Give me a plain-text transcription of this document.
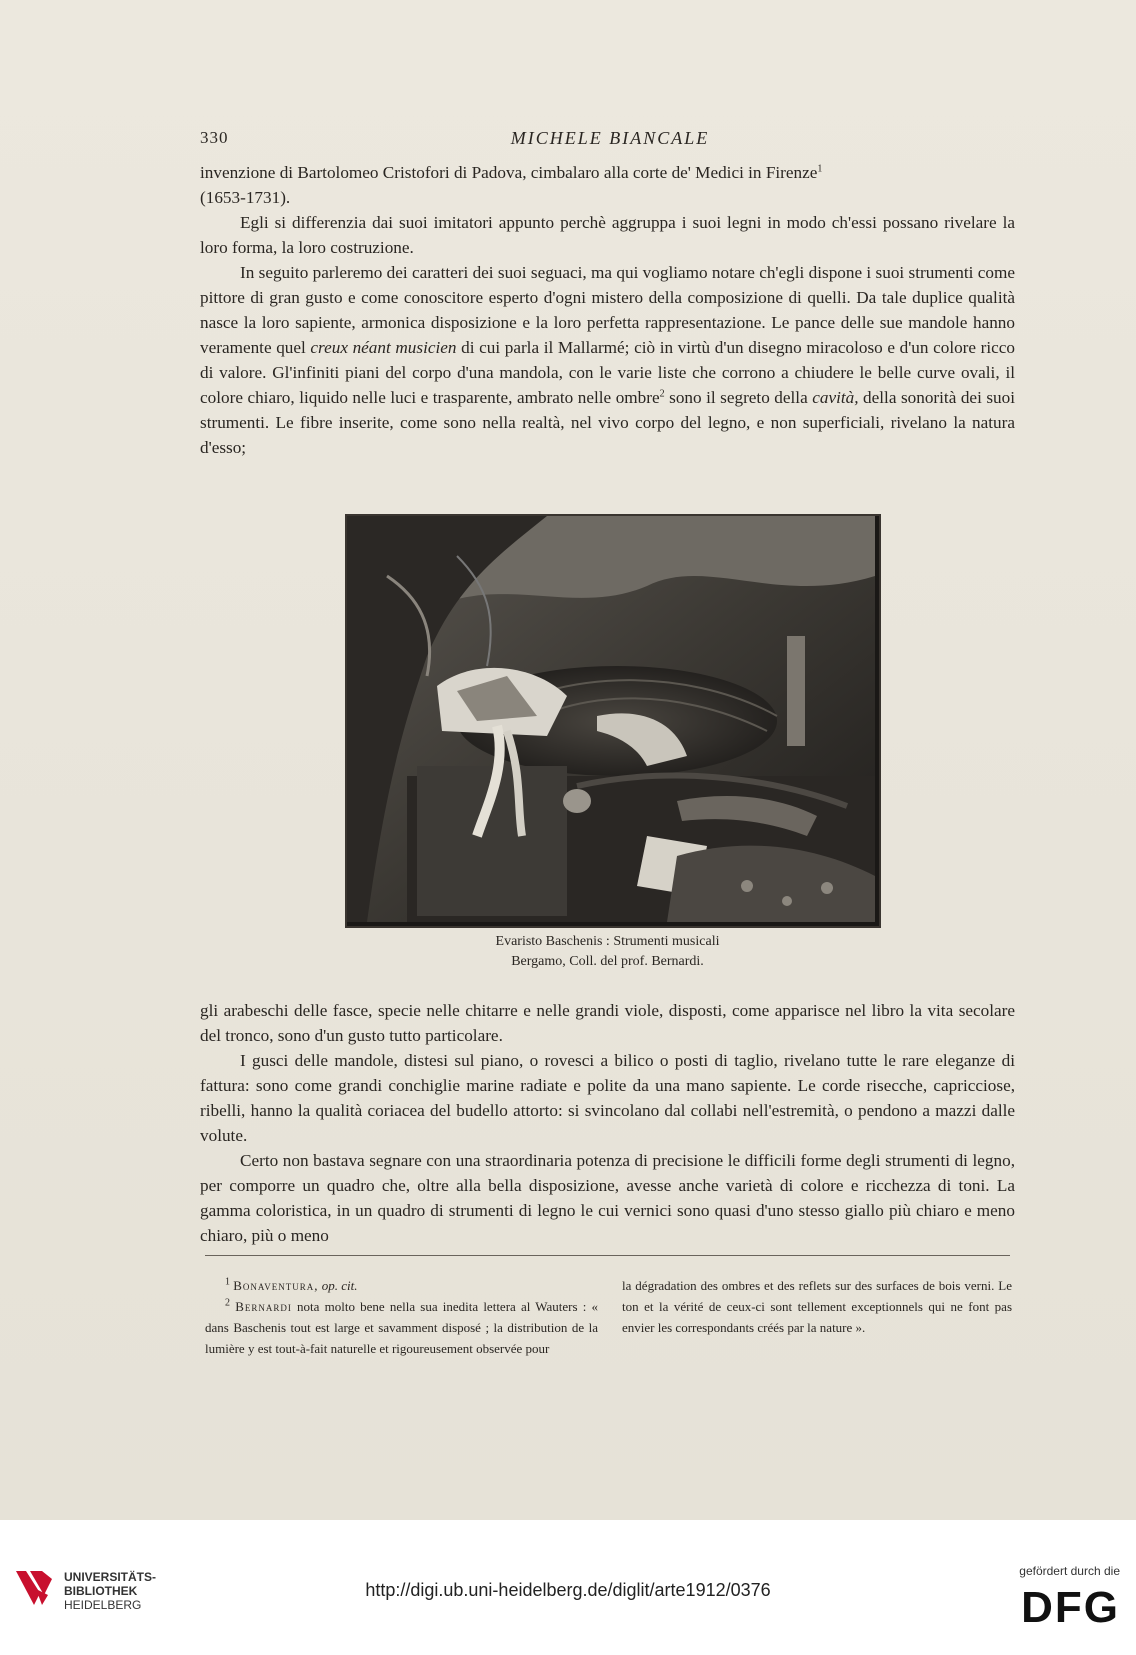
330	MICHELE BIANCALE

invenzione di Bartolomeo Cristofori di Padova, cimbalaro alla corte de' Medici in Firenze$^1$

(1653-1731).

Egli si differenzia dai suoi imitatori appunto perchè aggruppa i suoi legni in modo ch'essi possano rivelare la loro forma, la loro costruzione.

In seguito parleremo dei caratteri dei suoi seguaci, ma qui vogliamo notare ch'egli dispone i suoi strumenti come pittore di gran gusto e come conoscitore esperto d'ogni mistero della composizione di quelli. Da tale duplice qualità nasce la loro sapiente, armonica disposizione e la loro perfetta rappresentazione. Le pance delle sue mandole hanno veramente quel creux néant musicien di cui parla il Mallarmé; ciò in virtù d'un disegno miracoloso e d'un colore ricco di valore. Gl'infiniti piani del corpo d'una mandola, con le varie liste che corrono a chiudere le belle curve ovali, il colore chiaro, liquido nelle luci e trasparente, ambrato nelle ombre$^2$ sono il segreto della cavità, della sonorità dei suoi strumenti. Le fibre inserite, come sono nella realtà, nel vivo corpo del legno, e non superficiali, rivelano la natura d'esso;

Evaristo Baschenis : Strumenti musicali
Bergamo, Coll. del prof. Bernardi.

gli arabeschi delle fasce, specie nelle chitarre e nelle grandi viole, disposti, come apparisce nel libro la vita secolare del tronco, sono d'un gusto tutto particolare.

I gusci delle mandole, distesi sul piano, o rovesci a bilico o posti di taglio, rivelano tutte le rare eleganze di fattura: sono come grandi conchiglie marine radiate e polite da una mano sapiente. Le corde risecche, capricciose, ribelli, hanno la qualità coriacea del budello attorto: si svincolano dal collabi nell'estremità, o pendono a mazzi dalle volute.

Certo non bastava segnare con una straordinaria potenza di precisione le difficili forme degli strumenti di legno, per comporre un quadro che, oltre alla bella disposizione, avesse anche varietà di colore e ricchezza di toni. La gamma coloristica, in un quadro di strumenti di legno le cui vernici sono quasi d'uno stesso giallo più chiaro e meno chiaro, più o meno

$^1$ Bonaventura, op. cit.

$^2$ Bernardi nota molto bene nella sua inedita lettera al Wauters : « dans Baschenis tout est large et savamment disposé ; la distribution de la lumière y est tout-à-fait naturelle et rigoureusement observée pour

la dégradation des ombres et des reflets sur des surfaces de bois verni. Le ton et la vérité de ceux-ci sont tellement exceptionnels qui ne font pas envier les correspondants créés par la nature ».

UNIVERSITÄTS-
BIBLIOTHEK
HEIDELBERG
http://digi.ub.uni-heidelberg.de/diglit/arte1912/0376
gefördert durch die
DFG
